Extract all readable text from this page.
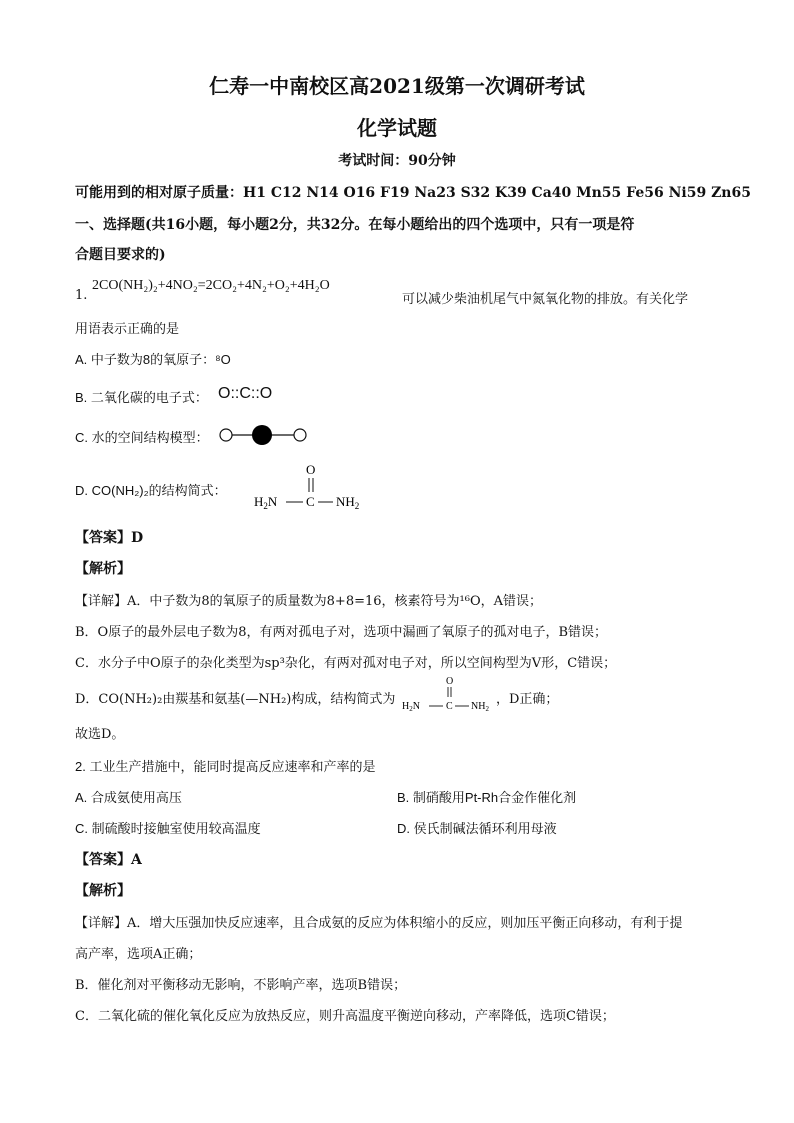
仁寿一中南校区高2021级第一次调研考试
化学试题
考试时间：90分钟
可能用到的相对原子质量：H1 C12 N14 O16 F19 Na23 S32 K39 Ca40 Mn55 Fe56 Ni59 Zn65
一、选择题(共16小题，每小题2分，共32分。在每小题给出的四个选项中，只有一项是符
合题目要求的)
1.
2CO(NH₂)₂+4NO₂=2CO₂+4N₂+O₂+4H₂O
可以减少柴油机尾气中氮氧化物的排放。有关化学
用语表示正确的是
A. 中子数为8的氧原子：⁸O
B. 二氧化碳的电子式： O::C::O
C. 水的空间结构模型：
D. CO(NH₂)₂的结构简式：
O
C
$H_2N$	$NH_2$
【答案】D
【解析】
【详解】A．中子数为8的氧原子的质量数为8+8=16，核素符号为¹⁶O，A错误；
B．O原子的最外层电子数为8，有两对孤电子对，选项中漏画了氧原子的孤对电子，B错误；
C．水分子中O原子的杂化类型为sp³杂化，有两对孤对电子对，所以空间构型为V形，C错误；
D．CO(NH₂)₂由羰基和氨基(—NH₂)构成，结构简式为
O
C
$H_2N$	$NH_2$
，D正确；
故选D。
2. 工业生产措施中，能同时提高反应速率和产率的是
A. 合成氨使用高压	B. 制硝酸用Pt-Rh合金作催化剂
C. 制硫酸时接触室使用较高温度	D. 侯氏制碱法循环利用母液
【答案】A
【解析】
【详解】A．增大压强加快反应速率，且合成氨的反应为体积缩小的反应，则加压平衡正向移动，有利于提
高产率，选项A正确；
B．催化剂对平衡移动无影响，不影响产率，选项B错误；
C．二氧化硫的催化氧化反应为放热反应，则升高温度平衡逆向移动，产率降低，选项C错误；
